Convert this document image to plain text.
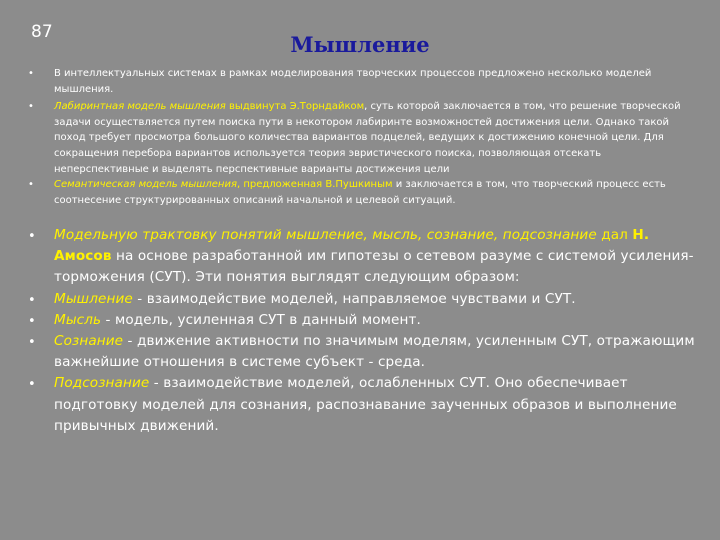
87	Мышление
• В интеллектуальных системах в рамках моделирования творческих процессов предложено несколько моделей мышления.
• Лабиринтная модель мышления выдвинута Э.Торндайком, суть которой заключается в том, что решение творческой задачи осуществляется путем поиска пути в некотором лабиринте возможностей достижения цели. Однако такой поход требует просмотра большого количества вариантов подцелей, ведущих к достижению конечной цели. Для сокращения перебора вариантов используется теория эвристического поиска, позволяющая отсекать неперспективные и выделять перспективные варианты достижения цели
• Семантическая модель мышления, предложенная В.Пушкиным и заключается в том, что творческий процесс есть соотнесение структурированных описаний начальной и целевой ситуаций.
• Модельную трактовку понятий мышление, мысль, сознание, подсознание дал Н. Амосов на основе разработанной им гипотезы о сетевом разуме с системой усиления-торможения (СУТ). Эти понятия выглядят следующим образом:
• Мышление - взаимодействие моделей, направляемое чувствами и СУТ.
• Мысль - модель, усиленная СУТ в данный момент.
• Сознание - движение активности по значимым моделям, усиленным СУТ, отражающим важнейшие отношения в системе субъект - среда.
• Подсознание - взаимодействие моделей, ослабленных СУТ. Оно обеспечивает подготовку моделей для сознания, распознавание заученных образов и выполнение привычных движений.
